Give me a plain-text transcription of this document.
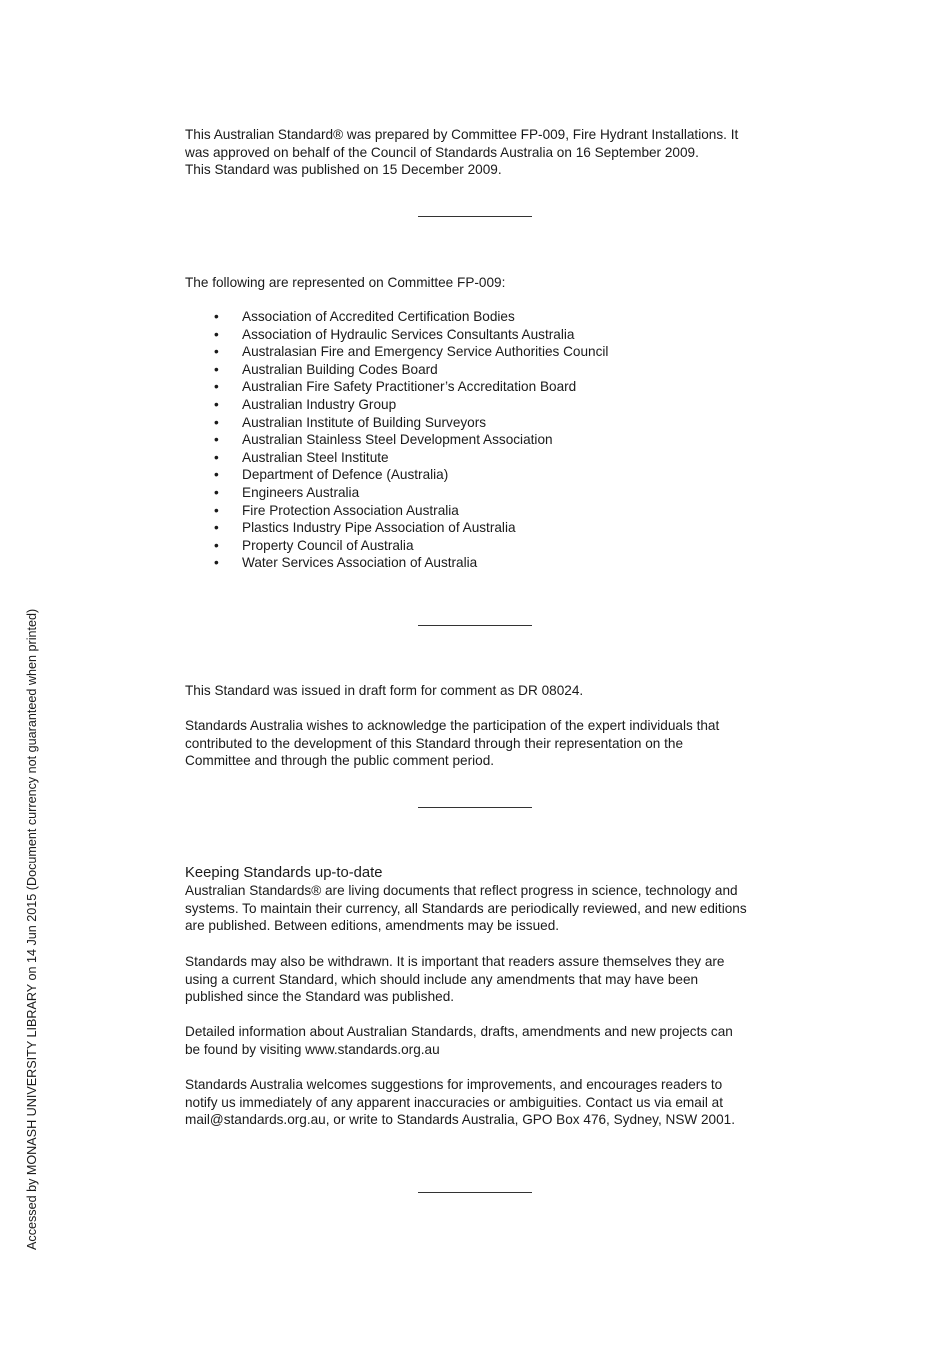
This Australian Standard® was prepared by Committee FP-009, Fire Hydrant Installations. It
was approved on behalf of the Council of Standards Australia on 16 September 2009.
This Standard was published on 15 December 2009.
The following are represented on Committee FP-009:
• Association of Accredited Certification Bodies
• Association of Hydraulic Services Consultants Australia
• Australasian Fire and Emergency Service Authorities Council
• Australian Building Codes Board
• Australian Fire Safety Practitioner’s Accreditation Board
• Australian Industry Group
• Australian Institute of Building Surveyors
• Australian Stainless Steel Development Association
• Australian Steel Institute
• Department of Defence (Australia)
• Engineers Australia
• Fire Protection Association Australia
• Plastics Industry Pipe Association of Australia
• Property Council of Australia
• Water Services Association of Australia
This Standard was issued in draft form for comment as DR 08024.
Standards Australia wishes to acknowledge the participation of the expert individuals that
contributed to the development of this Standard through their representation on the
Committee and through the public comment period.
Keeping Standards up-to-date
Australian Standards® are living documents that reflect progress in science, technology and
systems. To maintain their currency, all Standards are periodically reviewed, and new editions
are published. Between editions, amendments may be issued.
Standards may also be withdrawn. It is important that readers assure themselves they are
using a current Standard, which should include any amendments that may have been
published since the Standard was published.
Detailed information about Australian Standards, drafts, amendments and new projects can
be found by visiting www.standards.org.au
Standards Australia welcomes suggestions for improvements, and encourages readers to
notify us immediately of any apparent inaccuracies or ambiguities. Contact us via email at
mail@standards.org.au, or write to Standards Australia, GPO Box 476, Sydney, NSW 2001.
Accessed by MONASH UNIVERSITY LIBRARY on 14 Jun 2015 (Document currency not guaranteed when printed)
